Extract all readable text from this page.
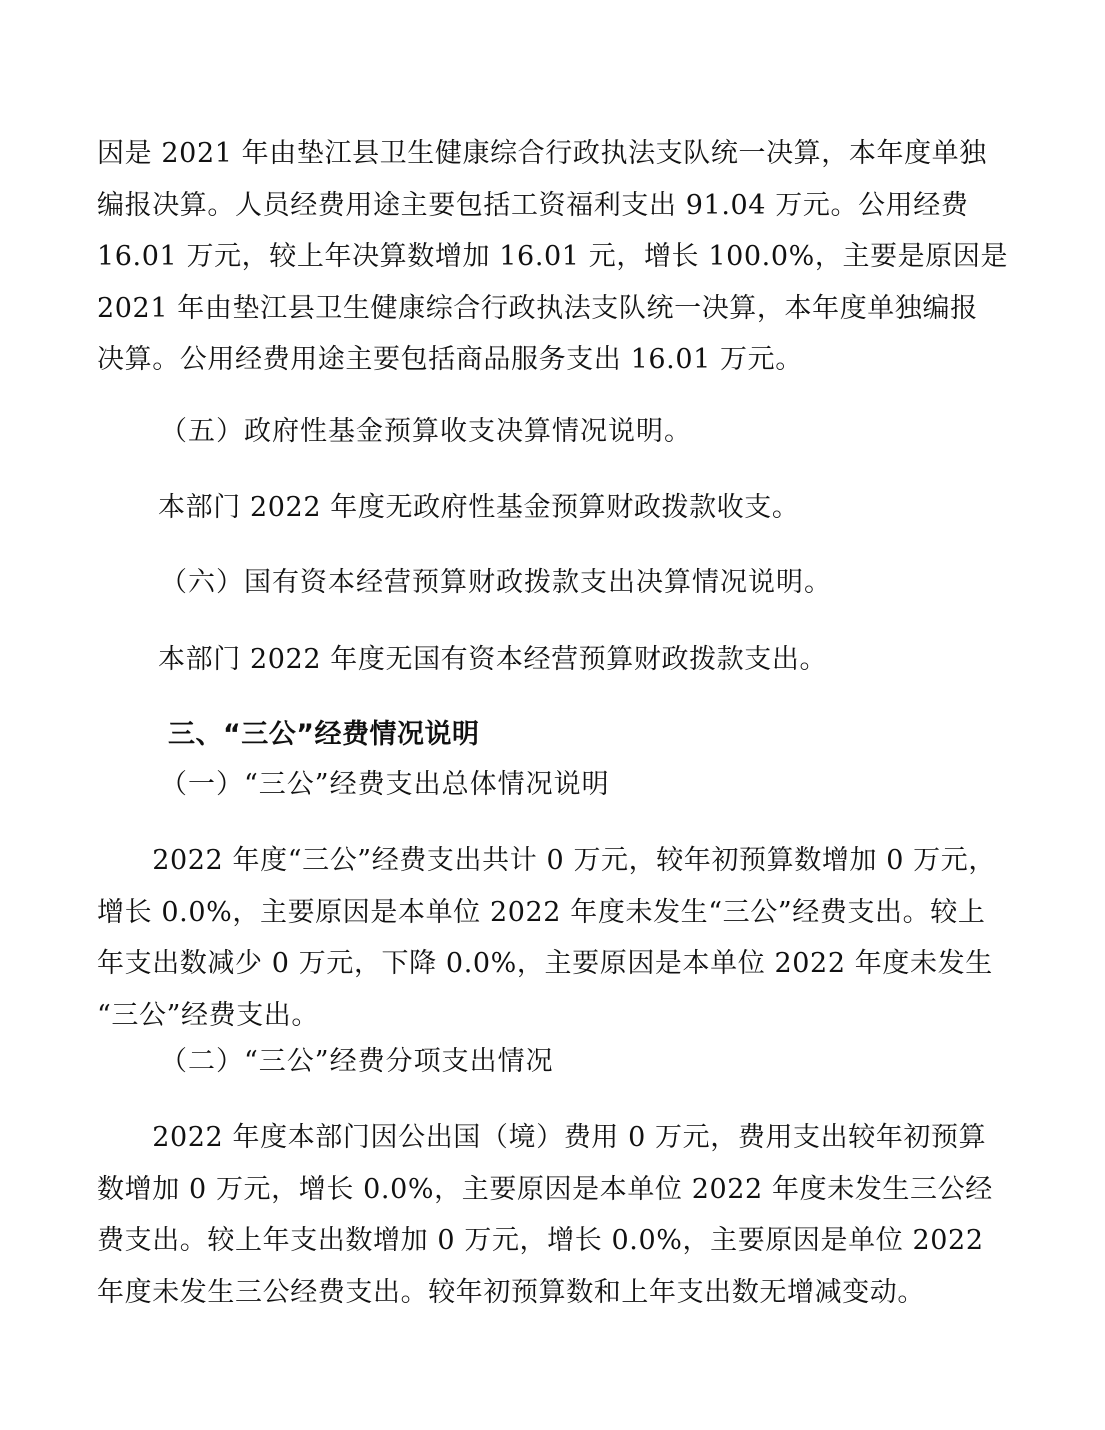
因是 2021 年由垫江县卫生健康综合行政执法支队统一决算，本年度单独
编报决算。人员经费用途主要包括工资福利支出 91.04 万元。公用经费
16.01 万元，较上年决算数增加 16.01 元，增长 100.0%，主要是原因是
2021 年由垫江县卫生健康综合行政执法支队统一决算，本年度单独编报
决算。公用经费用途主要包括商品服务支出 16.01 万元。
（五）政府性基金预算收支决算情况说明。
本部门 2022 年度无政府性基金预算财政拨款收支。
（六）国有资本经营预算财政拨款支出决算情况说明。
本部门 2022 年度无国有资本经营预算财政拨款支出。
三、“三公”经费情况说明
（一）“三公”经费支出总体情况说明
　　2022 年度“三公”经费支出共计 0 万元，较年初预算数增加 0 万元，
增长 0.0%，主要原因是本单位 2022 年度未发生“三公”经费支出。较上
年支出数减少 0 万元，下降 0.0%，主要原因是本单位 2022 年度未发生
“三公”经费支出。
（二）“三公”经费分项支出情况
　　2022 年度本部门因公出国（境）费用 0 万元，费用支出较年初预算
数增加 0 万元，增长 0.0%，主要原因是本单位 2022 年度未发生三公经
费支出。较上年支出数增加 0 万元，增长 0.0%，主要原因是单位 2022
年度未发生三公经费支出。较年初预算数和上年支出数无增减变动。
